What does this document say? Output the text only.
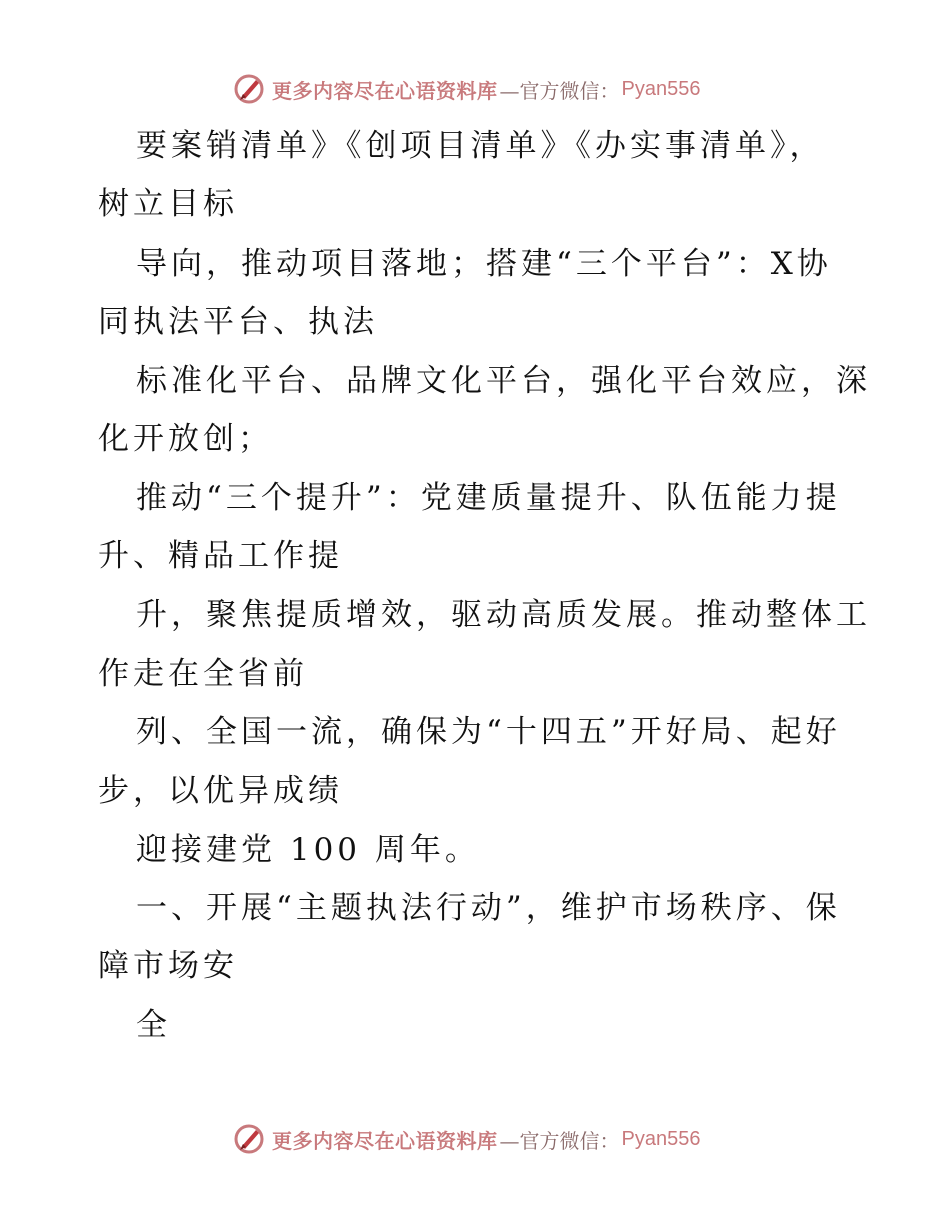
更多内容尽在心语资料库 —官方微信： Pyan556
要案销清单》《创项目清单》《办实事清单》，
树立目标
导向，推动项目落地；搭建“三个平台”：X协
同执法平台、执法
标准化平台、品牌文化平台，强化平台效应，深
化开放创；
推动“三个提升”：党建质量提升、队伍能力提
升、精品工作提
升，聚焦提质增效，驱动高质发展。推动整体工
作走在全省前
列、全国一流，确保为“十四五”开好局、起好
步，以优异成绩
迎接建党 100 周年。
一、开展“主题执法行动”，维护市场秩序、保
障市场安
全
更多内容尽在心语资料库 —官方微信： Pyan556
